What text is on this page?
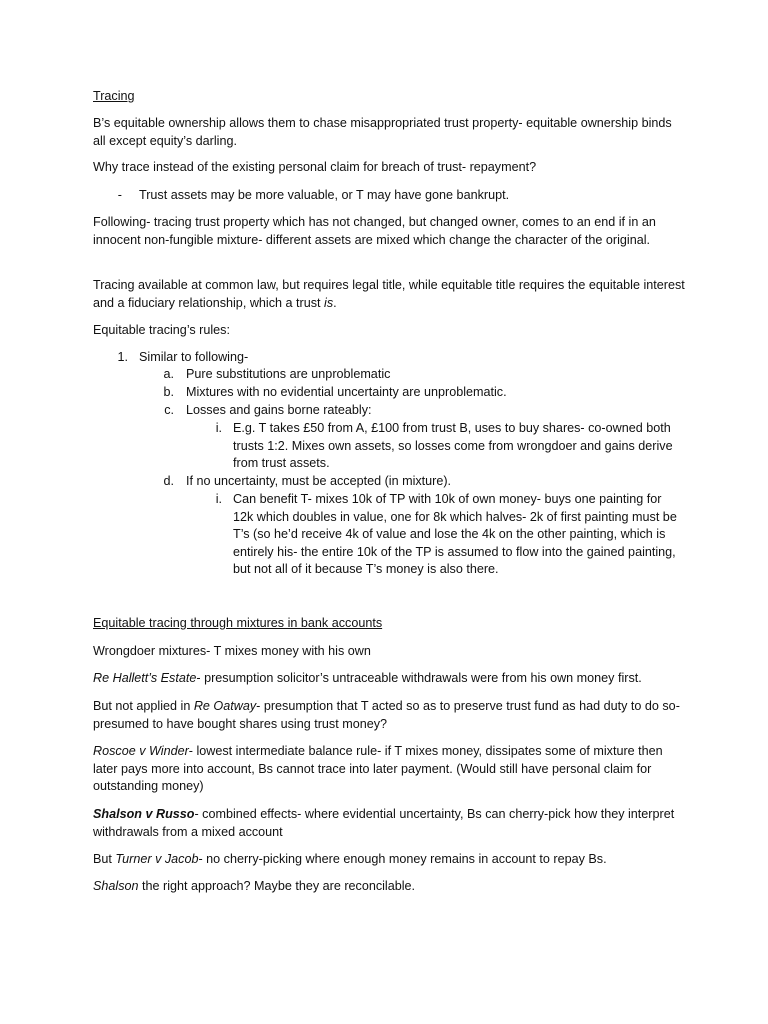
Tracing

B’s equitable ownership allows them to chase misappropriated trust property- equitable ownership binds all except equity’s darling.

Why trace instead of the existing personal claim for breach of trust- repayment?

- Trust assets may be more valuable, or T may have gone bankrupt.

Following- tracing trust property which has not changed, but changed owner, comes to an end if in an innocent non-fungible mixture- different assets are mixed which change the character of the original.

Tracing available at common law, but requires legal title, while equitable title requires the equitable interest and a fiduciary relationship, which a trust is.

Equitable tracing’s rules:

1. Similar to following-
a. Pure substitutions are unproblematic
b. Mixtures with no evidential uncertainty are unproblematic.
c. Losses and gains borne rateably:
i. E.g. T takes £50 from A, £100 from trust B, uses to buy shares- co-owned both trusts 1:2. Mixes own assets, so losses come from wrongdoer and gains derive from trust assets.

d. If no uncertainty, must be accepted (in mixture).
i. Can benefit T- mixes 10k of TP with 10k of own money- buys one painting for 12k which doubles in value, one for 8k which halves- 2k of first painting must be T’s (so he’d receive 4k of value and lose the 4k on the other painting, which is entirely his- the entire 10k of the TP is assumed to flow into the gained painting, but not all of it because T’s money is also there.

Equitable tracing through mixtures in bank accounts

Wrongdoer mixtures- T mixes money with his own

Re Hallett’s Estate- presumption solicitor’s untraceable withdrawals were from his own money first.

But not applied in Re Oatway- presumption that T acted so as to preserve trust fund as had duty to do so- presumed to have bought shares using trust money?

Roscoe v Winder- lowest intermediate balance rule- if T mixes money, dissipates some of mixture then later pays more into account, Bs cannot trace into later payment. (Would still have personal claim for outstanding money)

Shalson v Russo- combined effects- where evidential uncertainty, Bs can cherry-pick how they interpret withdrawals from a mixed account

But Turner v Jacob- no cherry-picking where enough money remains in account to repay Bs.

Shalson the right approach? Maybe they are reconcilable.
